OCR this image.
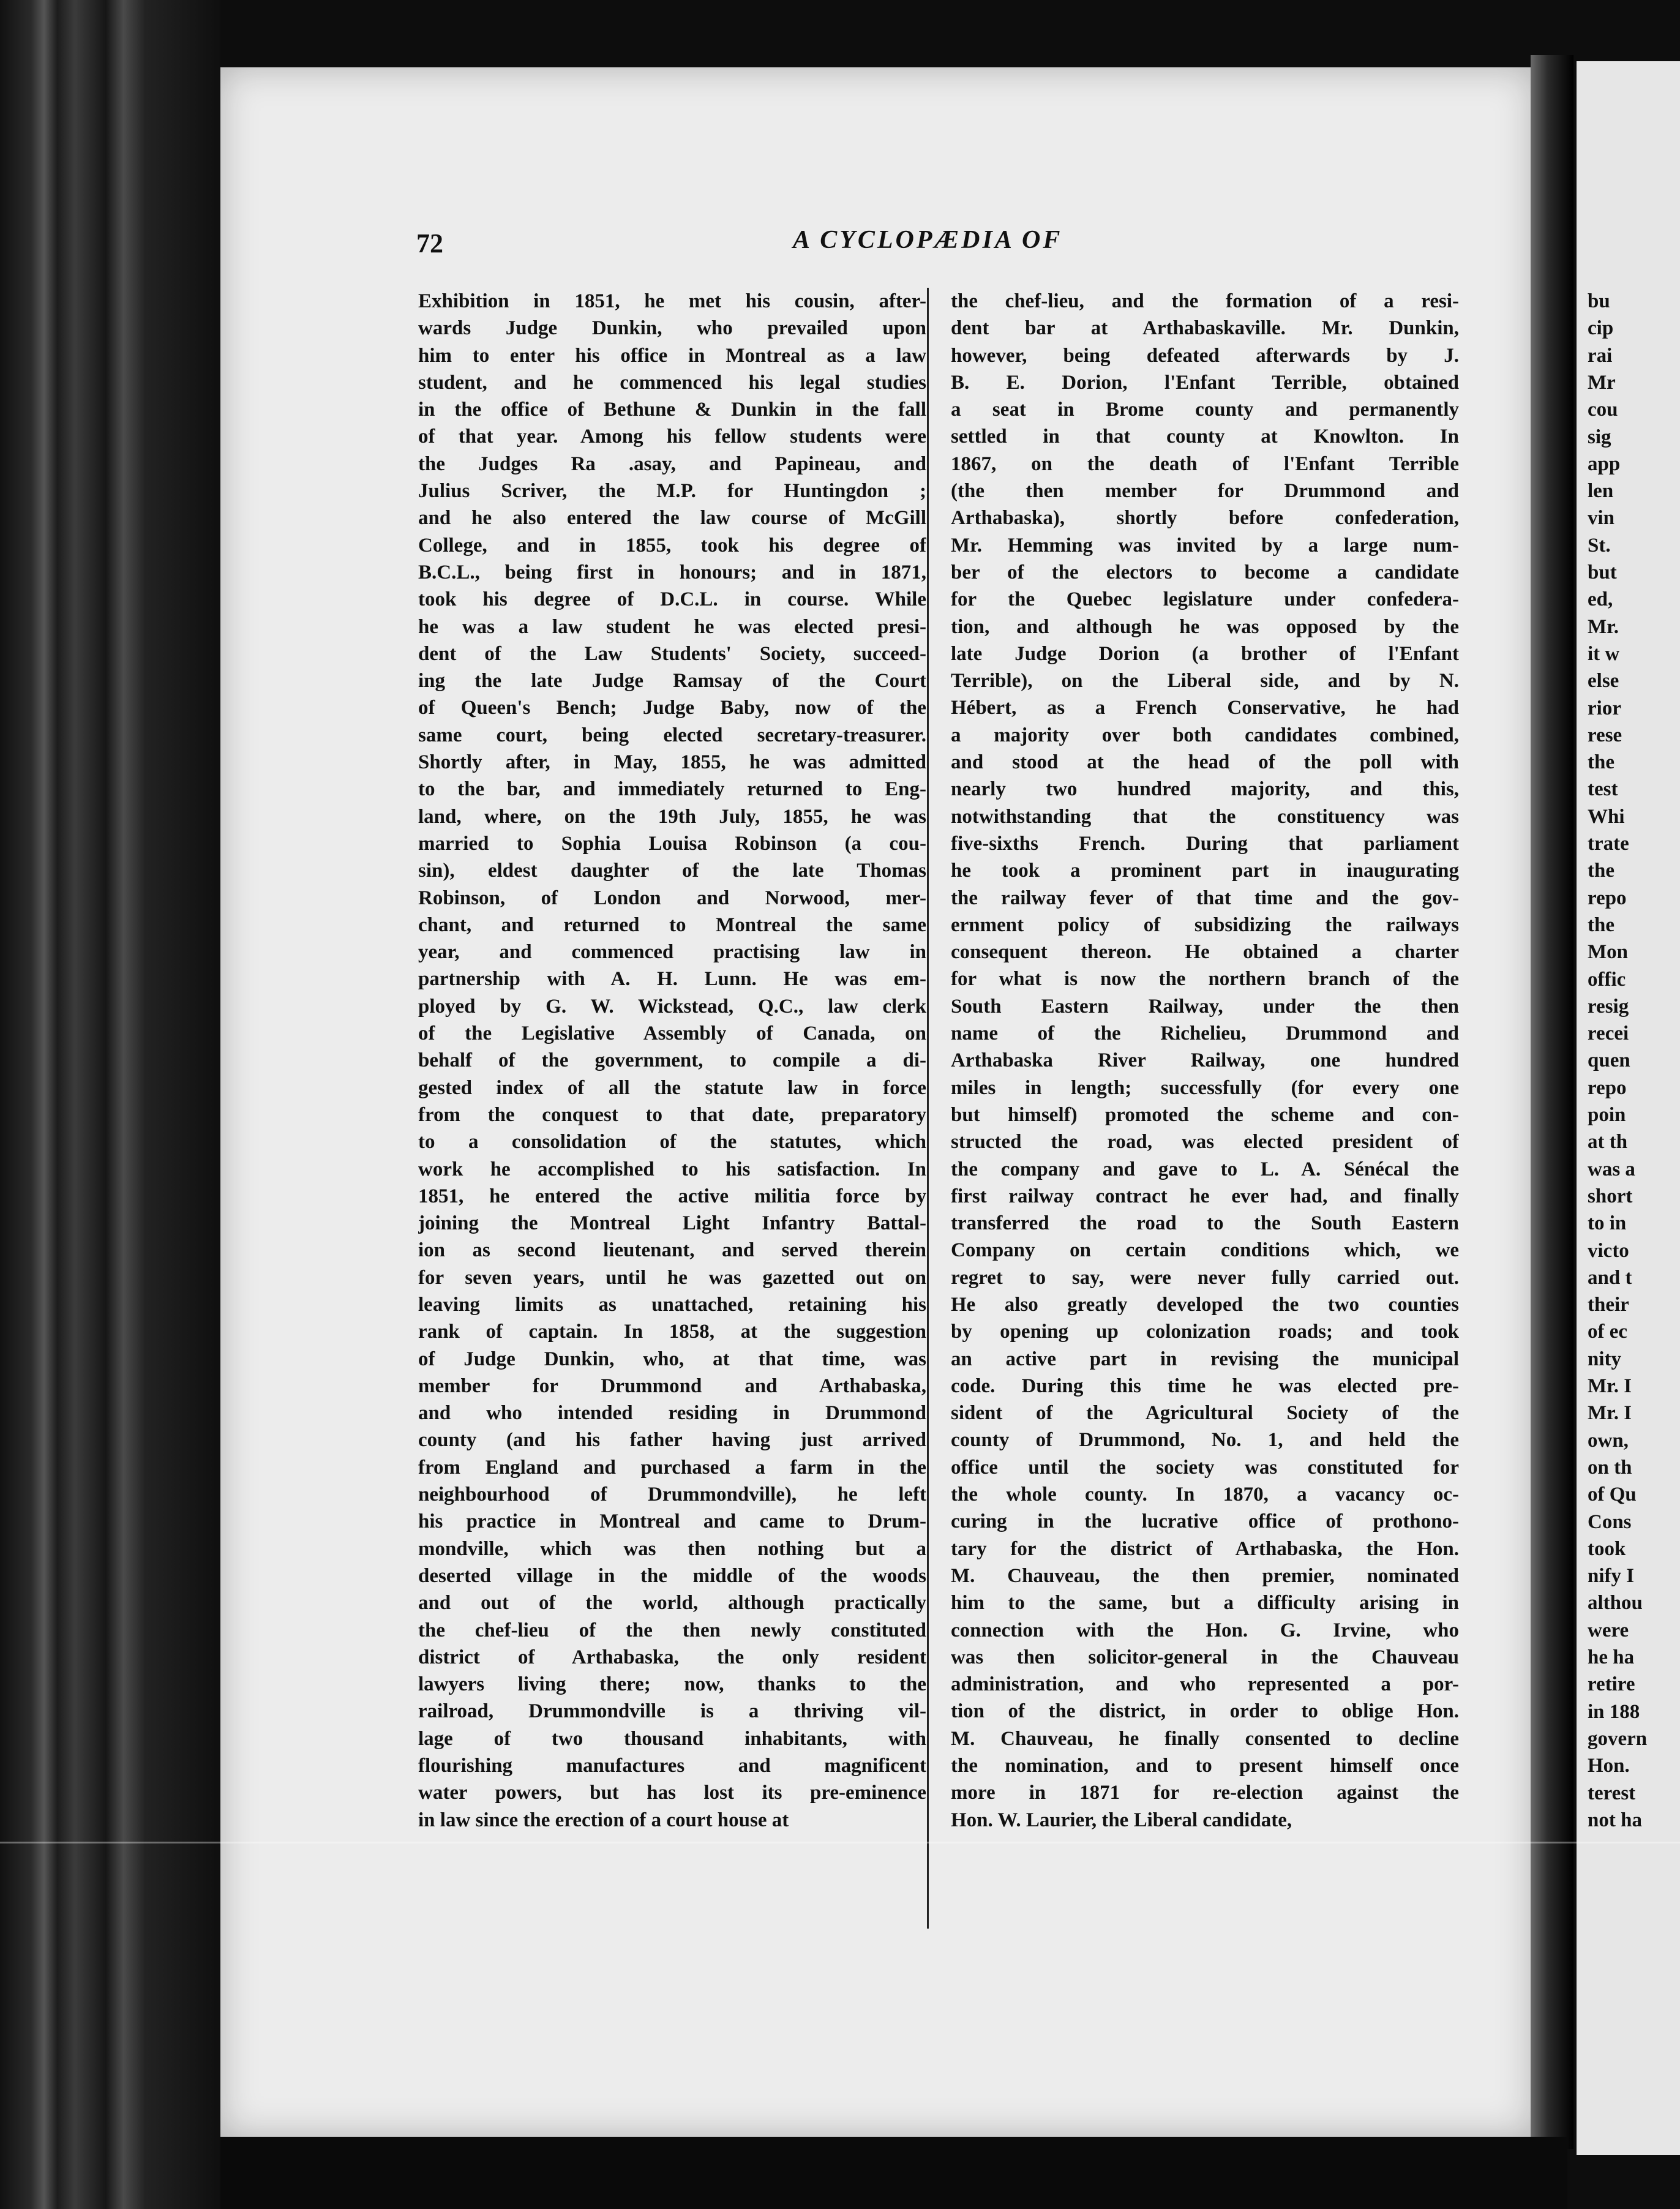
72	A CYCLOPÆDIA OF
Exhibition in 1851, he met his cousin, after-
wards Judge Dunkin, who prevailed upon
him to enter his office in Montreal as a law
student, and he commenced his legal studies
in the office of Bethune & Dunkin in the fall
of that year. Among his fellow students were
the Judges Ra .asay, and Papineau, and
Julius Scriver, the M.P. for Huntingdon ;
and he also entered the law course of McGill
College, and in 1855, took his degree of
B.C.L., being first in honours; and in 1871,
took his degree of D.C.L. in course. While
he was a law student he was elected presi-
dent of the Law Students' Society, succeed-
ing the late Judge Ramsay of the Court
of Queen's Bench; Judge Baby, now of the
same court, being elected secretary-treasurer.
Shortly after, in May, 1855, he was admitted
to the bar, and immediately returned to Eng-
land, where, on the 19th July, 1855, he was
married to Sophia Louisa Robinson (a cou-
sin), eldest daughter of the late Thomas
Robinson, of London and Norwood, mer-
chant, and returned to Montreal the same
year, and commenced practising law in
partnership with A. H. Lunn. He was em-
ployed by G. W. Wickstead, Q.C., law clerk
of the Legislative Assembly of Canada, on
behalf of the government, to compile a di-
gested index of all the statute law in force
from the conquest to that date, preparatory
to a consolidation of the statutes, which
work he accomplished to his satisfaction. In
1851, he entered the active militia force by
joining the Montreal Light Infantry Battal-
ion as second lieutenant, and served therein
for seven years, until he was gazetted out on
leaving limits as unattached, retaining his
rank of captain. In 1858, at the suggestion
of Judge Dunkin, who, at that time, was
member for Drummond and Arthabaska,
and who intended residing in Drummond
county (and his father having just arrived
from England and purchased a farm in the
neighbourhood of Drummondville), he left
his practice in Montreal and came to Drum-
mondville, which was then nothing but a
deserted village in the middle of the woods
and out of the world, although practically
the chef-lieu of the then newly constituted
district of Arthabaska, the only resident
lawyers living there; now, thanks to the
railroad, Drummondville is a thriving vil-
lage of two thousand inhabitants, with
flourishing manufactures and magnificent
water powers, but has lost its pre-eminence
in law since the erection of a court house at
the chef-lieu, and the formation of a resi-
dent bar at Arthabaskaville. Mr. Dunkin,
however, being defeated afterwards by J.
B. E. Dorion, l'Enfant Terrible, obtained
a seat in Brome county and permanently
settled in that county at Knowlton. In
1867, on the death of l'Enfant Terrible
(the then member for Drummond and
Arthabaska), shortly before confederation,
Mr. Hemming was invited by a large num-
ber of the electors to become a candidate
for the Quebec legislature under confedera-
tion, and although he was opposed by the
late Judge Dorion (a brother of l'Enfant
Terrible), on the Liberal side, and by N.
Hébert, as a French Conservative, he had
a majority over both candidates combined,
and stood at the head of the poll with
nearly two hundred majority, and this,
notwithstanding that the constituency was
five-sixths French. During that parliament
he took a prominent part in inaugurating
the railway fever of that time and the gov-
ernment policy of subsidizing the railways
consequent thereon. He obtained a charter
for what is now the northern branch of the
South Eastern Railway, under the then
name of the Richelieu, Drummond and
Arthabaska River Railway, one hundred
miles in length; successfully (for every one
but himself) promoted the scheme and con-
structed the road, was elected president of
the company and gave to L. A. Sénécal the
first railway contract he ever had, and finally
transferred the road to the South Eastern
Company on certain conditions which, we
regret to say, were never fully carried out.
He also greatly developed the two counties
by opening up colonization roads; and took
an active part in revising the municipal
code. During this time he was elected pre-
sident of the Agricultural Society of the
county of Drummond, No. 1, and held the
office until the society was constituted for
the whole county. In 1870, a vacancy oc-
curing in the lucrative office of prothono-
tary for the district of Arthabaska, the Hon.
M. Chauveau, the then premier, nominated
him to the same, but a difficulty arising in
connection with the Hon. G. Irvine, who
was then solicitor-general in the Chauveau
administration, and who represented a por-
tion of the district, in order to oblige Hon.
M. Chauveau, he finally consented to decline
the nomination, and to present himself once
more in 1871 for re-election against the
Hon. W. Laurier, the Liberal candidate,
bu
cip
rai
Mr
cou
sig
app
len
vin
St.
but
ed,
Mr.
it w
else
rior
rese
the
test
Whi
trate
the
repo
the
Mon
offic
resig
recei
quen
repo
poin
at th
was a
short
to in
victo
and t
their
of ec
nity
Mr. I
Mr. I
own,
on th
of Qu
Cons
took
nify I
althou
were
he ha
retire
in 188
govern
Hon.
terest
not ha
